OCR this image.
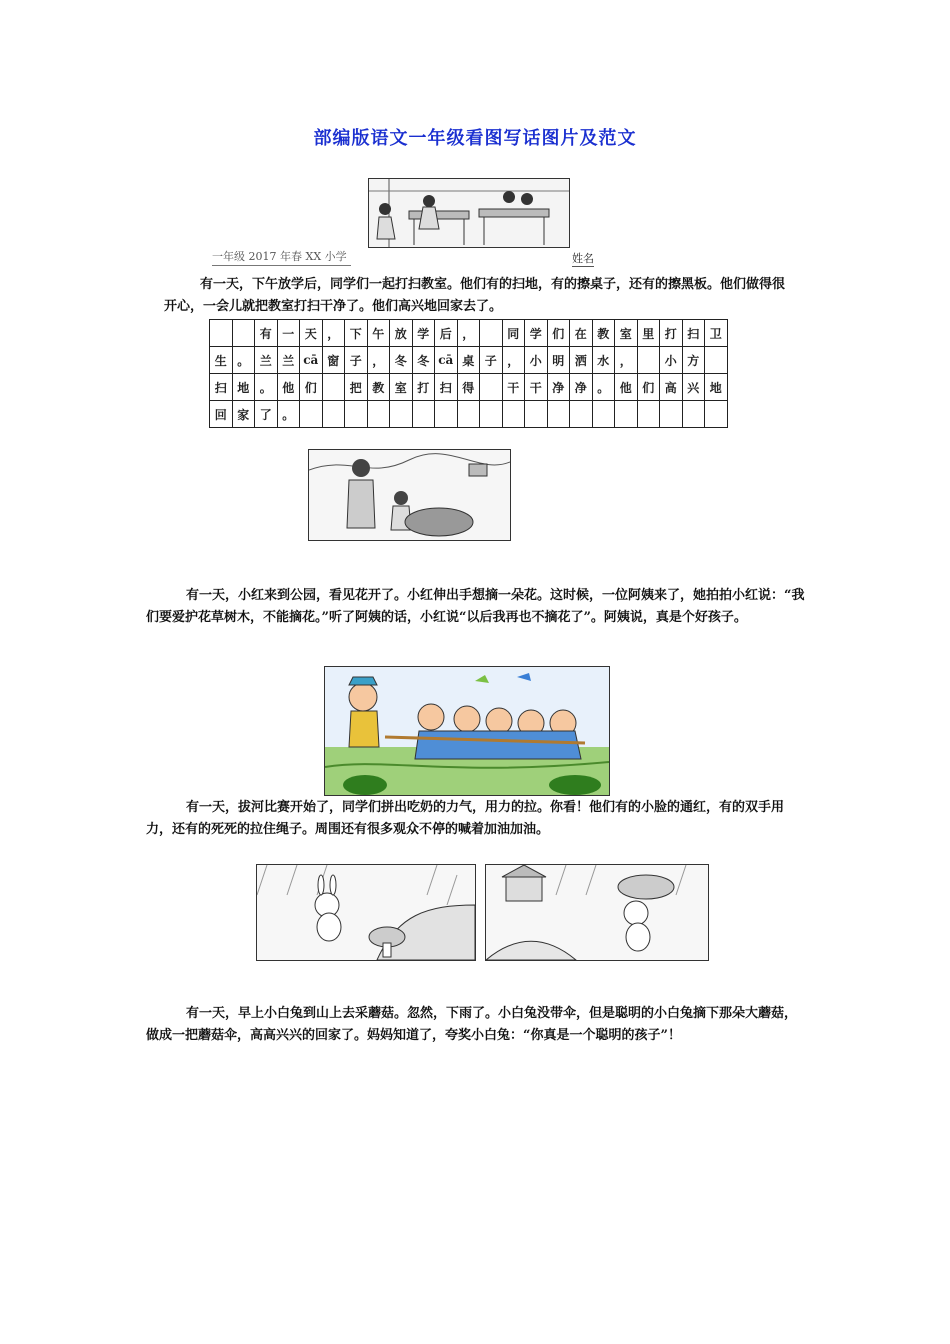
部编版语文一年级看图写话图片及范文
一年级 2017 年春 XX 小学	姓名
有一天，下午放学后，同学们一起打扫教室。他们有的扫地，有的擦桌子，还有的擦黑板。他们做得很开心，一会儿就把教室打扫干净了。他们高兴地回家去了。
		有	一	天	，	下	午	放	学	后	，		同	学	们	在	教	室	里	打	扫	卫
生	。	兰	兰	cā	窗	子	，	冬	冬	cā	桌	子	，	小	明	洒	水	，		小	方	
扫	地	。	他	们		把	教	室	打	扫	得		干	干	净	净	。	他	们	高	兴	地
回	家	了	。																			
有一天，小红来到公园，看见花开了。小红伸出手想摘一朵花。这时候，一位阿姨来了，她拍拍小红说：“我们要爱护花草树木，不能摘花。”听了阿姨的话，小红说“以后我再也不摘花了”。阿姨说，真是个好孩子。
有一天，拔河比赛开始了，同学们拼出吃奶的力气，用力的拉。你看！他们有的小脸的通红，有的双手用力，还有的死死的拉住绳子。周围还有很多观众不停的喊着加油加油。
有一天，早上小白兔到山上去采蘑菇。忽然，下雨了。小白兔没带伞，但是聪明的小白兔摘下那朵大蘑菇，做成一把蘑菇伞，高高兴兴的回家了。妈妈知道了，夸奖小白兔：“你真是一个聪明的孩子”！
